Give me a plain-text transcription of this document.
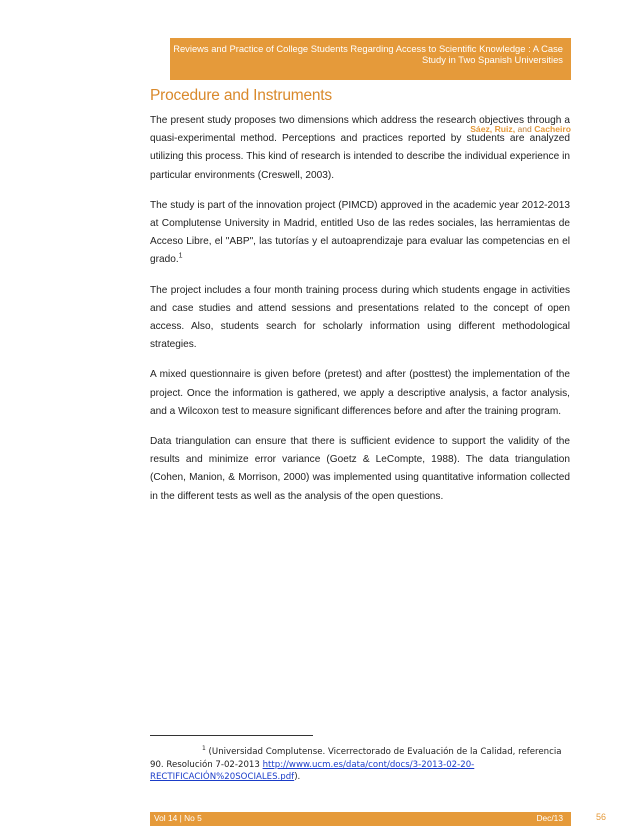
Reviews and Practice of College Students Regarding Access to Scientific Knowledge : A Case Study in Two Spanish Universities
Sáez, Ruiz, and Cacheiro
Procedure and Instruments

The present study proposes two dimensions which address the research objectives through a quasi-experimental method. Perceptions and practices reported by students are analyzed utilizing this process. This kind of research is intended to describe the individual experience in particular environments (Creswell, 2003).

The study is part of the innovation project (PIMCD) approved in the academic year 2012-2013 at Complutense University in Madrid, entitled Uso de las redes sociales, las herramientas de Acceso Libre, el "ABP", las tutorías y el autoaprendizaje para evaluar las competencias en el grado.$^1$

The project includes a four month training process during which students engage in activities and case studies and attend sessions and presentations related to the concept of open access. Also, students search for scholarly information using different methodological strategies.

A mixed questionnaire is given before (pretest) and after (posttest) the implementation of the project. Once the information is gathered, we apply a descriptive analysis, a factor analysis, and a Wilcoxon test to measure significant differences before and after the training program.

Data triangulation can ensure that there is sufficient evidence to support the validity of the results and minimize error variance (Goetz & LeCompte, 1988). The data triangulation (Cohen, Manion, & Morrison, 2000) was implemented using quantitative information collected in the different tests as well as the analysis of the open questions.

$^1$ (Universidad Complutense. Vicerrectorado de Evaluación de la Calidad, referencia 90. Resolución 7-02-2013 http://www.ucm.es/data/cont/docs/3-2013-02-20-RECTIFICACIÓN%20SOCIALES.pdf).
Vol 14 | No 5	Dec/13	56
